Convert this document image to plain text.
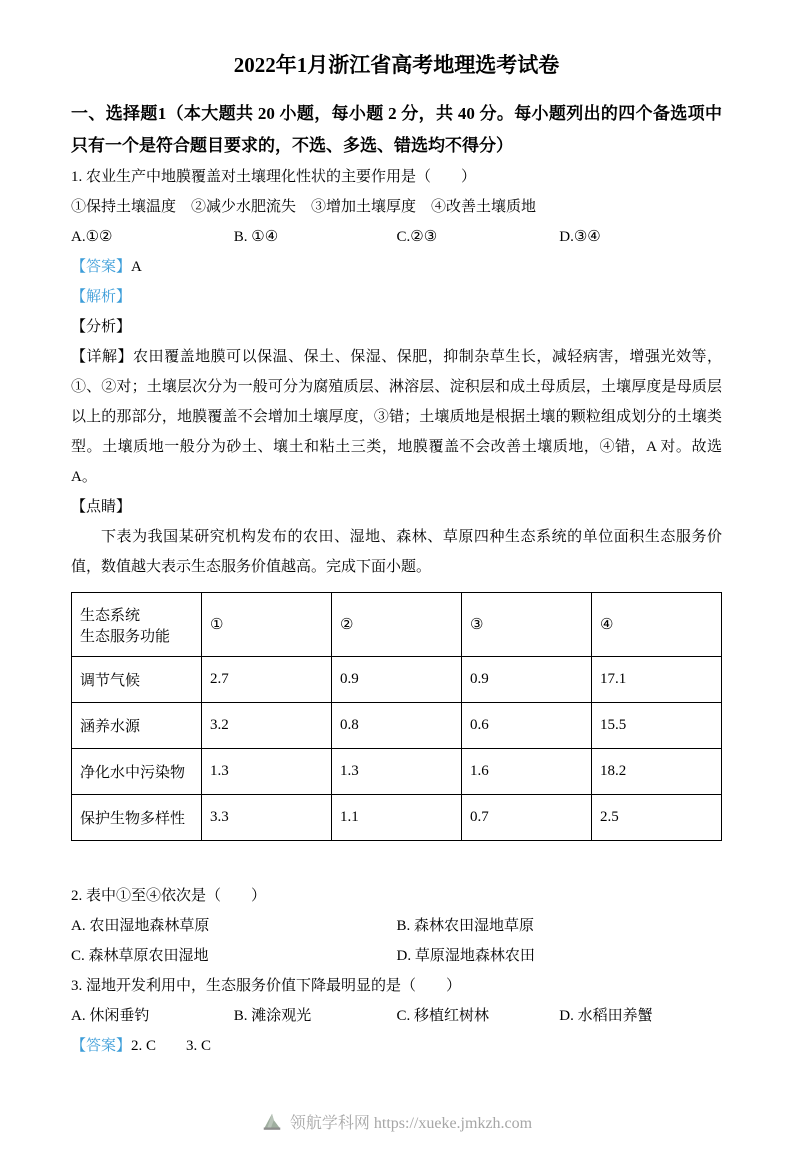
2022年1月浙江省高考地理选考试卷

一、选择题1（本大题共 20 小题，每小题 2 分，共 40 分。每小题列出的四个备选项中只有一个是符合题目要求的，不选、多选、错选均不得分）

1. 农业生产中地膜覆盖对土壤理化性状的主要作用是（　　）

①保持土壤温度　②减少水肥流失　③增加土壤厚度　④改善土壤质地

A.①②	B. ①④	C.②③	D.③④

【答案】A

【解析】

【分析】

【详解】农田覆盖地膜可以保温、保土、保湿、保肥，抑制杂草生长，减轻病害，增强光效等，①、②对；土壤层次分为一般可分为腐殖质层、淋溶层、淀积层和成土母质层，土壤厚度是母质层以上的那部分，地膜覆盖不会增加土壤厚度，③错；土壤质地是根据土壤的颗粒组成划分的土壤类型。土壤质地一般分为砂土、壤土和粘土三类，地膜覆盖不会改善土壤质地，④错，A 对。故选 A。

【点睛】

下表为我国某研究机构发布的农田、湿地、森林、草原四种生态系统的单位面积生态服务价值，数值越大表示生态服务价值越高。完成下面小题。

生态系统
生态服务功能	①	②	③	④
调节气候	2.7	0.9	0.9	17.1
涵养水源	3.2	0.8	0.6	15.5
净化水中污染物	1.3	1.3	1.6	18.2
保护生物多样性	3.3	1.1	0.7	2.5

2. 表中①至④依次是（　　）

A. 农田湿地森林草原	B. 森林农田湿地草原
C. 森林草原农田湿地	D. 草原湿地森林农田

3. 湿地开发利用中，生态服务价值下降最明显的是（　　）

A. 休闲垂钓	B. 滩涂观光	C. 移植红树林	D. 水稻田养蟹

【答案】2. C　　3. C

领航学科网 https://xueke.jmkzh.com
